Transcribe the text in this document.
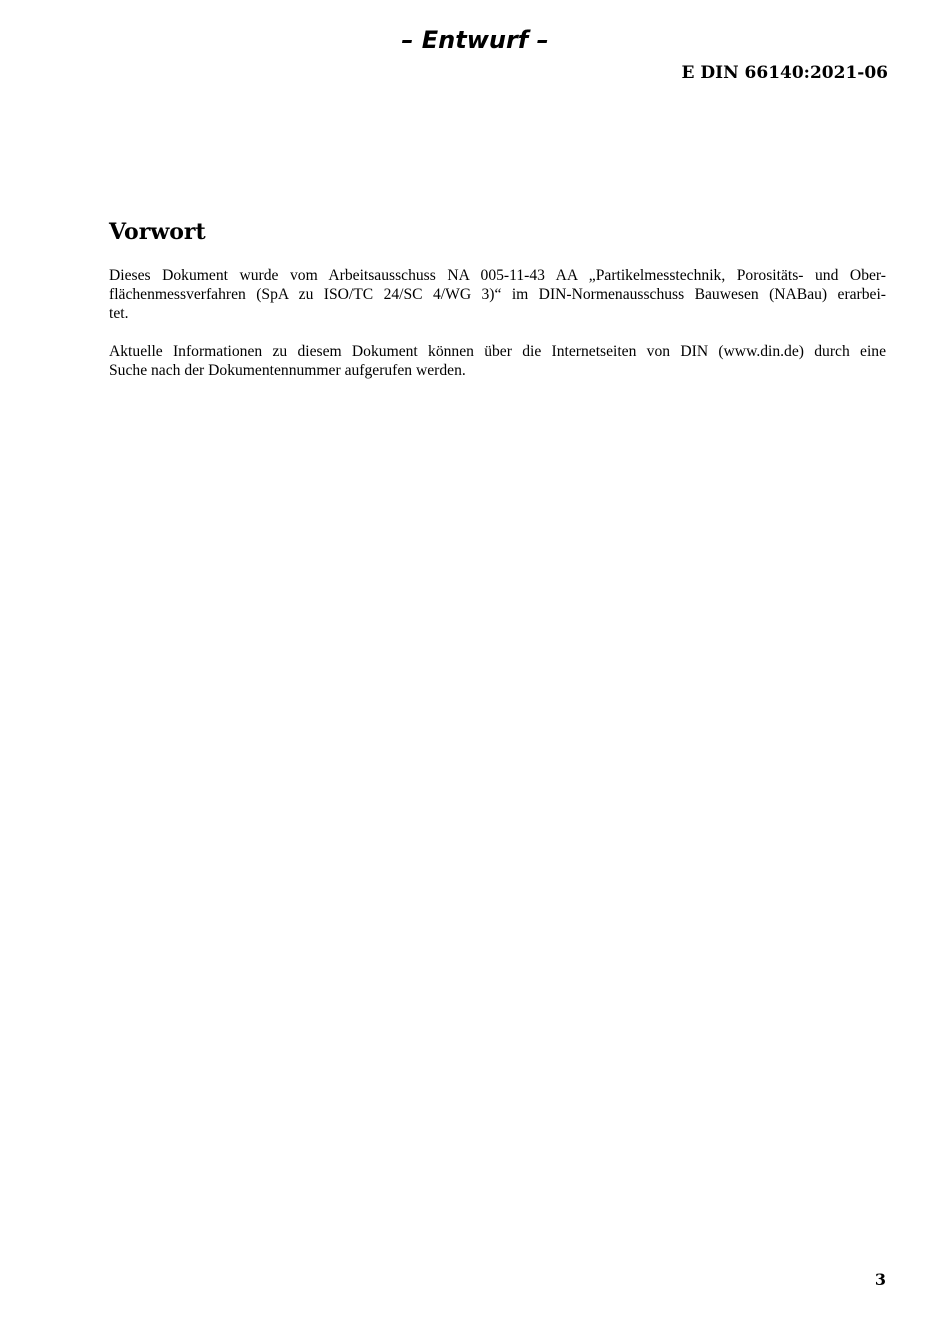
– Entwurf –
E DIN 66140:2021-06
Vorwort

Dieses Dokument wurde vom Arbeitsausschuss NA 005-11-43 AA „Partikelmesstechnik, Porositäts- und Ober-
flächenmessverfahren (SpA zu ISO/TC 24/SC 4/WG 3)“ im DIN-Normenausschuss Bauwesen (NABau) erarbei-
tet.

Aktuelle Informationen zu diesem Dokument können über die Internetseiten von DIN (www.din.de) durch eine
Suche nach der Dokumentennummer aufgerufen werden.

3
